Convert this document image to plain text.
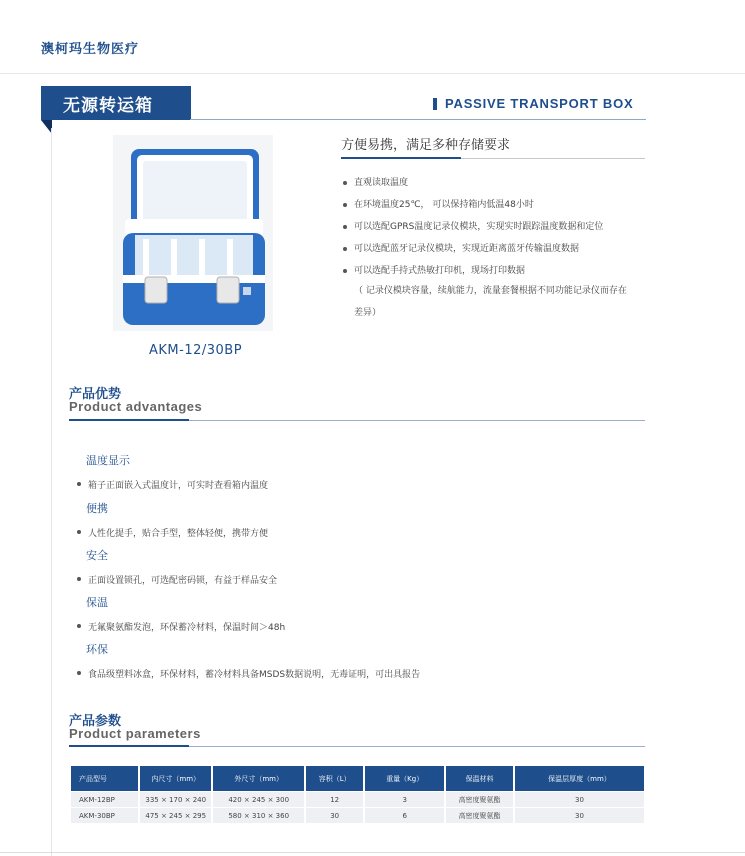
澳柯玛生物医疗
无源转运箱	PASSIVE TRANSPORT BOX
AKM-12/30BP
方便易携，满足多种存储要求
直观读取温度
在环境温度25℃， 可以保持箱内低温48小时
可以选配GPRS温度记录仪模块，实现实时跟踪温度数据和定位
可以选配蓝牙记录仪模块，实现近距离蓝牙传输温度数据
可以选配手持式热敏打印机，现场打印数据
（ 记录仪模块容量，续航能力，流量套餐根据不同功能记录仪而存在
差异）
产品优势
Product advantages
温度显示
箱子正面嵌入式温度计，可实时查看箱内温度
便携
人性化提手，贴合手型，整体轻便，携带方便
安全
正面设置锁孔，可选配密码锁，有益于样品安全
保温
无氟聚氨酯发泡，环保蓄冷材料，保温时间＞48h
环保
食品级塑料冰盒，环保材料，蓄冷材料具备MSDS数据说明，无毒证明，可出具报告
产品参数
Product parameters
产品型号	内尺寸（mm）	外尺寸（mm）	容积（L）	重量（Kg）	保温材料	保温层厚度（mm）
AKM-12BP	335 × 170 × 240	420 × 245 × 300	12	3	高密度聚氨酯	30
AKM-30BP	475 × 245 × 295	580 × 310 × 360	30	6	高密度聚氨酯	30
